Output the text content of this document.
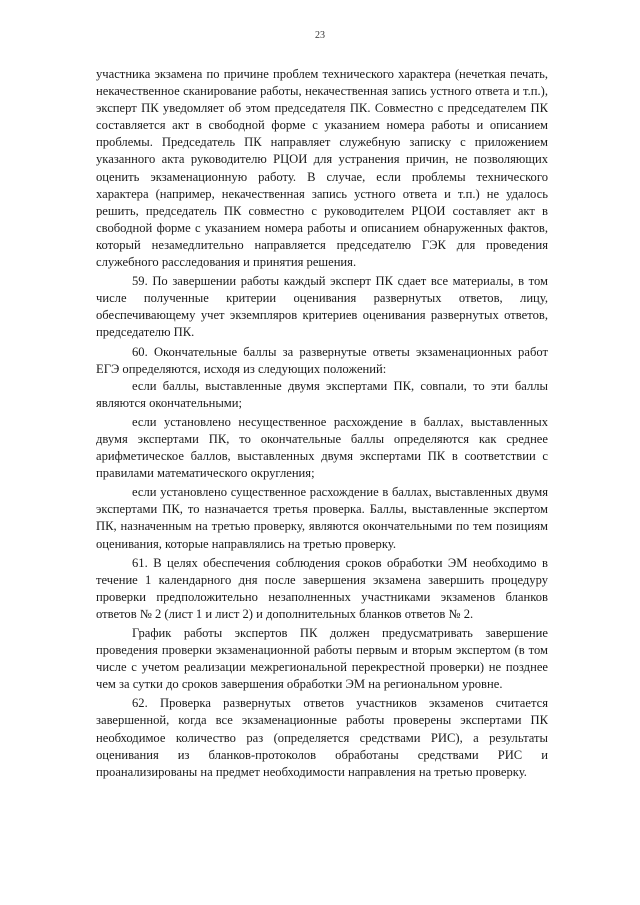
23

участника экзамена по причине проблем технического характера (нечеткая печать, некачественное сканирование работы, некачественная запись устного ответа и т.п.), эксперт ПК уведомляет об этом председателя ПК. Совместно с председателем ПК составляется акт в свободной форме с указанием номера работы и описанием проблемы. Председатель ПК направляет служебную записку с приложением указанного акта руководителю РЦОИ для устранения причин, не позволяющих оценить экзаменационную работу. В случае, если проблемы технического характера (например, некачественная запись устного ответа и т.п.) не удалось решить, председатель ПК совместно с руководителем РЦОИ составляет акт в свободной форме с указанием номера работы и описанием обнаруженных фактов, который незамедлительно направляется председателю ГЭК для проведения служебного расследования и принятия решения.

59. По завершении работы каждый эксперт ПК сдает все материалы, в том числе полученные критерии оценивания развернутых ответов, лицу, обеспечивающему учет экземпляров критериев оценивания развернутых ответов, председателю ПК.

60. Окончательные баллы за развернутые ответы экзаменационных работ ЕГЭ определяются, исходя из следующих положений:

если баллы, выставленные двумя экспертами ПК, совпали, то эти баллы являются окончательными;

если установлено несущественное расхождение в баллах, выставленных двумя экспертами ПК, то окончательные баллы определяются как среднее арифметическое баллов, выставленных двумя экспертами ПК в соответствии с правилами математического округления;

если установлено существенное расхождение в баллах, выставленных двумя экспертами ПК, то назначается третья проверка. Баллы, выставленные экспертом ПК, назначенным на третью проверку, являются окончательными по тем позициям оценивания, которые направлялись на третью проверку.

61. В целях обеспечения соблюдения сроков обработки ЭМ необходимо в течение 1 календарного дня после завершения экзамена завершить процедуру проверки предположительно незаполненных участниками экзаменов бланков ответов № 2 (лист 1 и лист 2) и дополнительных бланков ответов № 2.

График работы экспертов ПК должен предусматривать завершение проведения проверки экзаменационной работы первым и вторым экспертом (в том числе с учетом реализации межрегиональной перекрестной проверки) не позднее чем за сутки до сроков завершения обработки ЭМ на региональном уровне.

62. Проверка развернутых ответов участников экзаменов считается завершенной, когда все экзаменационные работы проверены экспертами ПК необходимое количество раз (определяется средствами РИС), а результаты оценивания из бланков-протоколов обработаны средствами РИС и проанализированы на предмет необходимости направления на третью проверку.
